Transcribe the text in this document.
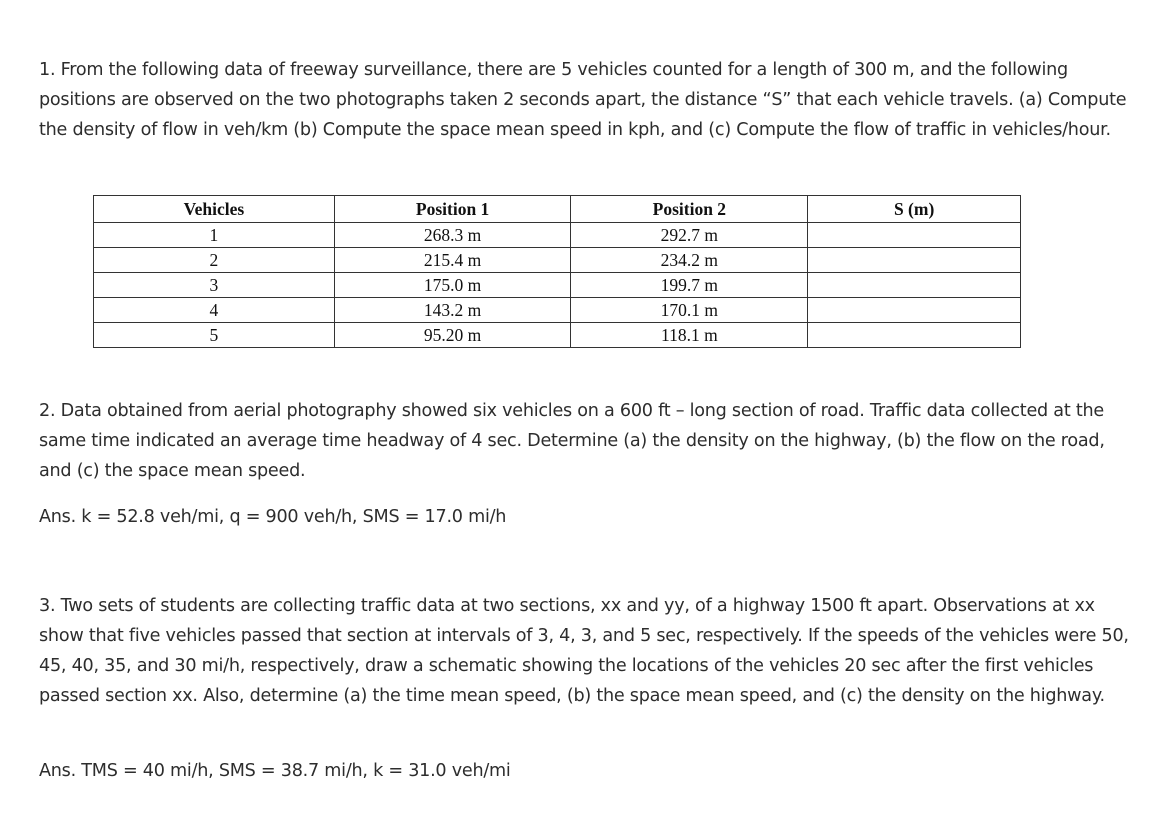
1. From the following data of freeway surveillance, there are 5 vehicles counted for a length of 300 m, and the following positions are observed on the two photographs taken 2 seconds apart, the distance “S” that each vehicle travels. (a) Compute the density of flow in veh/km (b) Compute the space mean speed in kph, and (c) Compute the flow of traffic in vehicles/hour.

Vehicles	Position 1	Position 2	S (m)
1	268.3 m	292.7 m	
2	215.4 m	234.2 m	
3	175.0 m	199.7 m	
4	143.2 m	170.1 m	
5	95.20 m	118.1 m	

2. Data obtained from aerial photography showed six vehicles on a 600 ft – long section of road. Traffic data collected at the same time indicated an average time headway of 4 sec. Determine (a) the density on the highway, (b) the flow on the road, and (c) the space mean speed.

Ans. k = 52.8 veh/mi, q = 900 veh/h, SMS = 17.0 mi/h

3. Two sets of students are collecting traffic data at two sections, xx and yy, of a highway 1500 ft apart. Observations at xx show that five vehicles passed that section at intervals of 3, 4, 3, and 5 sec, respectively. If the speeds of the vehicles were 50, 45, 40, 35, and 30 mi/h, respectively, draw a schematic showing the locations of the vehicles 20 sec after the first vehicles passed section xx. Also, determine (a) the time mean speed, (b) the space mean speed, and (c) the density on the highway.

Ans. TMS = 40 mi/h, SMS = 38.7 mi/h, k = 31.0 veh/mi
